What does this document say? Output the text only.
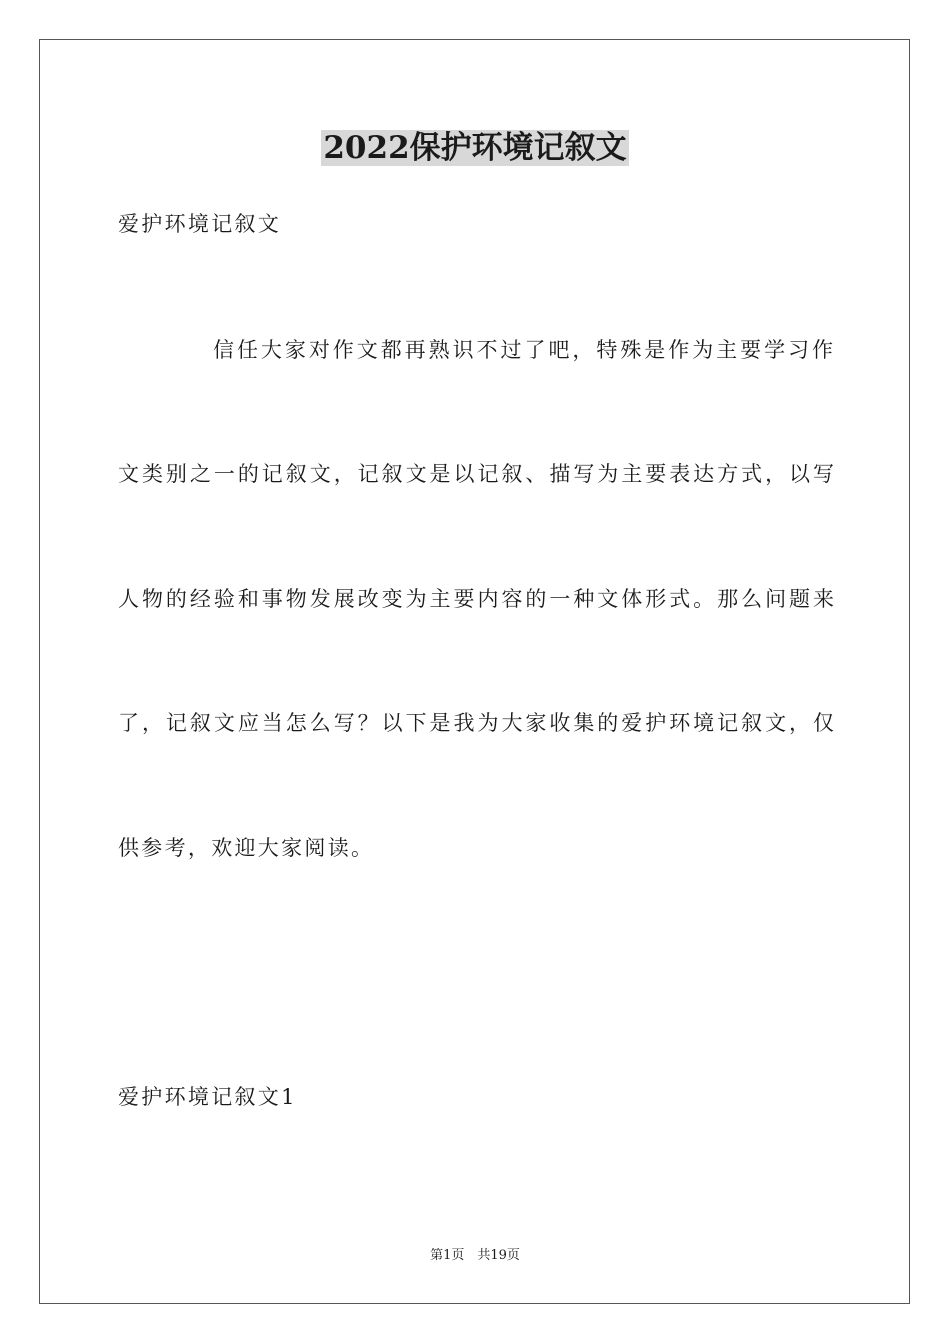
2022保护环境记叙文
爱护环境记叙文
信任大家对作文都再熟识不过了吧，特殊是作为主要学习作
文类别之一的记叙文，记叙文是以记叙、描写为主要表达方式，以写
人物的经验和事物发展改变为主要内容的一种文体形式。那么问题来
了，记叙文应当怎么写？以下是我为大家收集的爱护环境记叙文，仅
供参考，欢迎大家阅读。
爱护环境记叙文1
第1页　共19页
